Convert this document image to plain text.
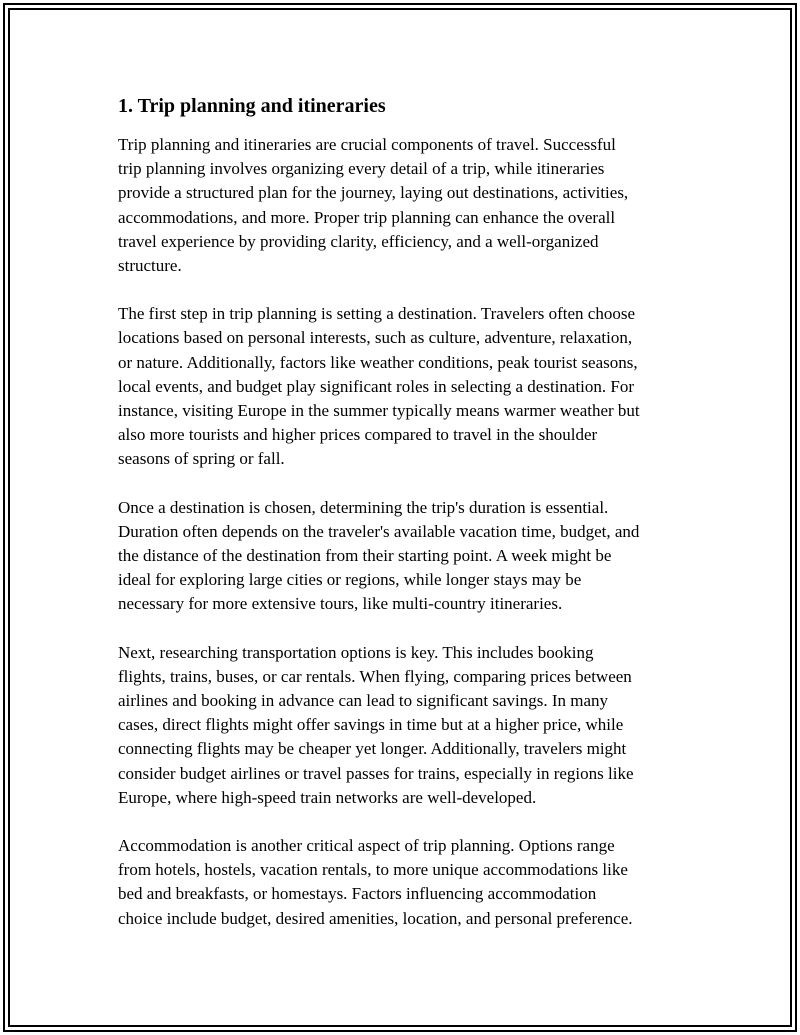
1. Trip planning and itineraries

Trip planning and itineraries are crucial components of travel. Successful
trip planning involves organizing every detail of a trip, while itineraries
provide a structured plan for the journey, laying out destinations, activities,
accommodations, and more. Proper trip planning can enhance the overall
travel experience by providing clarity, efficiency, and a well-organized
structure.

The first step in trip planning is setting a destination. Travelers often choose
locations based on personal interests, such as culture, adventure, relaxation,
or nature. Additionally, factors like weather conditions, peak tourist seasons,
local events, and budget play significant roles in selecting a destination. For
instance, visiting Europe in the summer typically means warmer weather but
also more tourists and higher prices compared to travel in the shoulder
seasons of spring or fall.

Once a destination is chosen, determining the trip's duration is essential.
Duration often depends on the traveler's available vacation time, budget, and
the distance of the destination from their starting point. A week might be
ideal for exploring large cities or regions, while longer stays may be
necessary for more extensive tours, like multi-country itineraries.

Next, researching transportation options is key. This includes booking
flights, trains, buses, or car rentals. When flying, comparing prices between
airlines and booking in advance can lead to significant savings. In many
cases, direct flights might offer savings in time but at a higher price, while
connecting flights may be cheaper yet longer. Additionally, travelers might
consider budget airlines or travel passes for trains, especially in regions like
Europe, where high-speed train networks are well-developed.

Accommodation is another critical aspect of trip planning. Options range
from hotels, hostels, vacation rentals, to more unique accommodations like
bed and breakfasts, or homestays. Factors influencing accommodation
choice include budget, desired amenities, location, and personal preference.
